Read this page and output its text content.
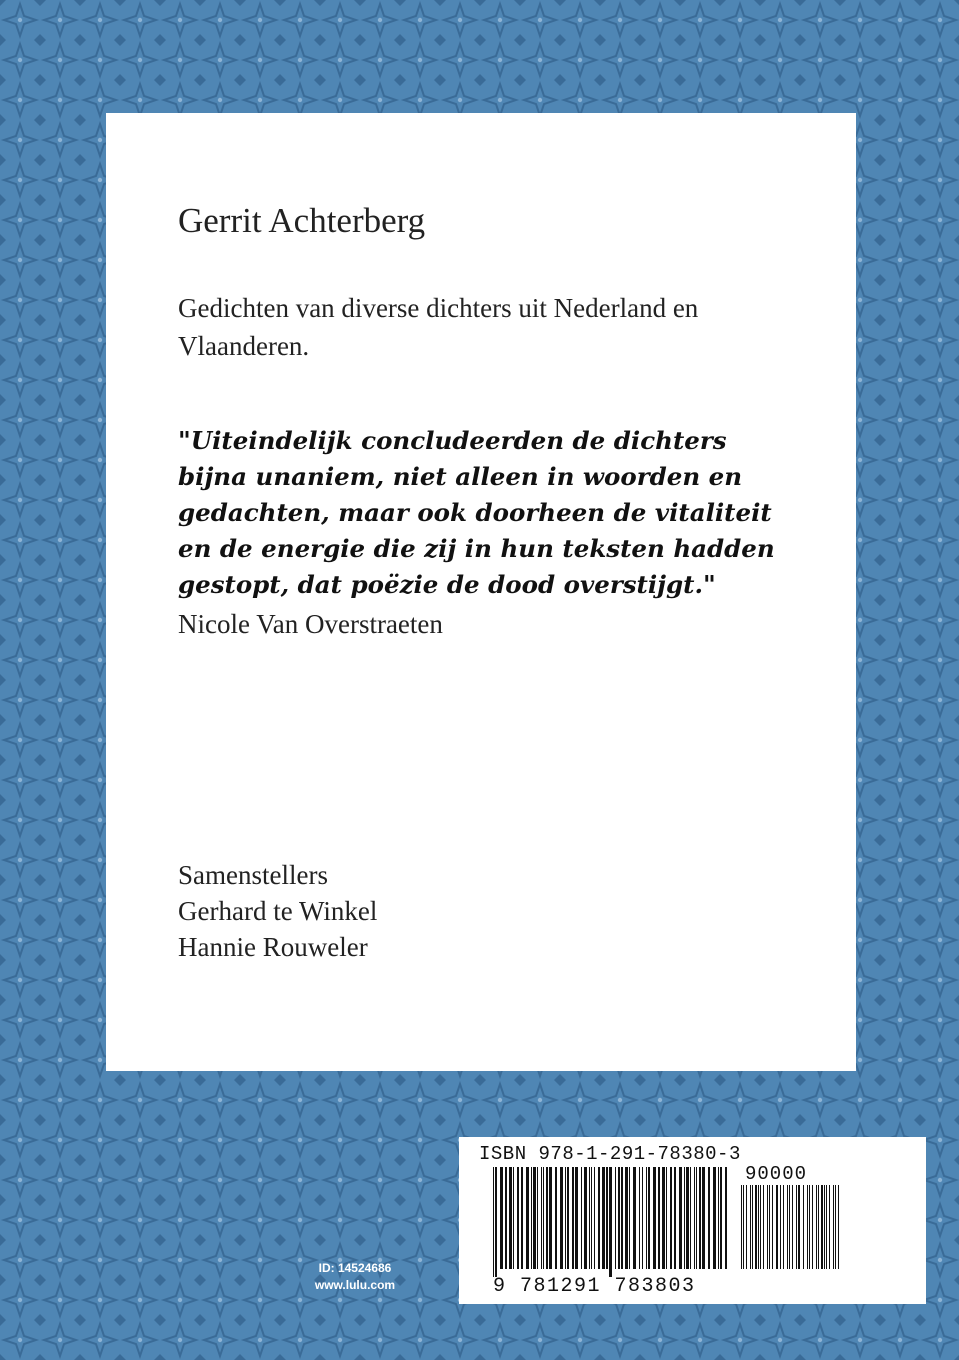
Gerrit Achterberg

Gedichten van diverse dichters uit Nederland en Vlaanderen.

"Uiteindelijk concludeerden de dichters
bijna unaniem, niet alleen in woorden en
gedachten, maar ook doorheen de vitaliteit
en de energie die zij in hun teksten hadden
gestopt, dat poëzie de dood overstijgt."

Nicole Van Overstraeten

Samenstellers
Gerhard te Winkel
Hannie Rouweler
ID: 14524686
www.lulu.com
ISBN 978-1-291-78380-3
90000
9 781291 783803
